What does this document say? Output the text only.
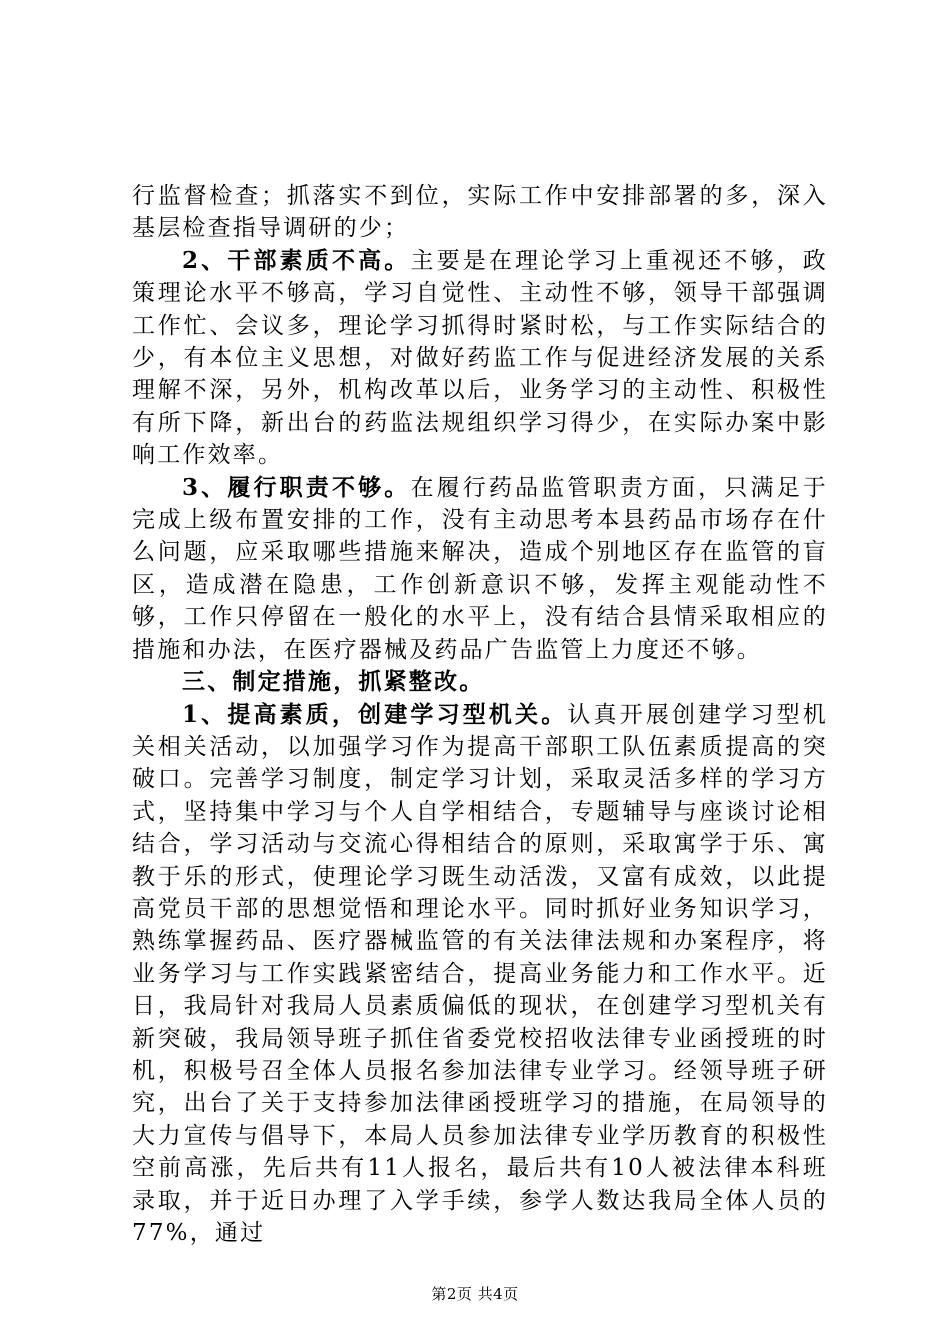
行监督检查；抓落实不到位，实际工作中安排部署的多，深入基层检查指导调研的少；

2、干部素质不高。主要是在理论学习上重视还不够，政策理论水平不够高，学习自觉性、主动性不够，领导干部强调工作忙、会议多，理论学习抓得时紧时松，与工作实际结合的少，有本位主义思想，对做好药监工作与促进经济发展的关系理解不深，另外，机构改革以后，业务学习的主动性、积极性有所下降，新出台的药监法规组织学习得少，在实际办案中影响工作效率。

3、履行职责不够。在履行药品监管职责方面，只满足于完成上级布置安排的工作，没有主动思考本县药品市场存在什么问题，应采取哪些措施来解决，造成个别地区存在监管的盲区，造成潜在隐患，工作创新意识不够，发挥主观能动性不够，工作只停留在一般化的水平上，没有结合县情采取相应的措施和办法，在医疗器械及药品广告监管上力度还不够。

三、制定措施，抓紧整改。

1、提高素质，创建学习型机关。认真开展创建学习型机关相关活动，以加强学习作为提高干部职工队伍素质提高的突破口。完善学习制度，制定学习计划，采取灵活多样的学习方式，坚持集中学习与个人自学相结合，专题辅导与座谈讨论相结合，学习活动与交流心得相结合的原则，采取寓学于乐、寓教于乐的形式，使理论学习既生动活泼，又富有成效，以此提高党员干部的思想觉悟和理论水平。同时抓好业务知识学习，熟练掌握药品、医疗器械监管的有关法律法规和办案程序，将业务学习与工作实践紧密结合，提高业务能力和工作水平。近日，我局针对我局人员素质偏低的现状，在创建学习型机关有新突破，我局领导班子抓住省委党校招收法律专业函授班的时机，积极号召全体人员报名参加法律专业学习。经领导班子研究，出台了关于支持参加法律函授班学习的措施，在局领导的大力宣传与倡导下，本局人员参加法律专业学历教育的积极性空前高涨，先后共有11人报名，最后共有10人被法律本科班录取，并于近日办理了入学手续，参学人数达我局全体人员的77%，通过

第2页 共4页
